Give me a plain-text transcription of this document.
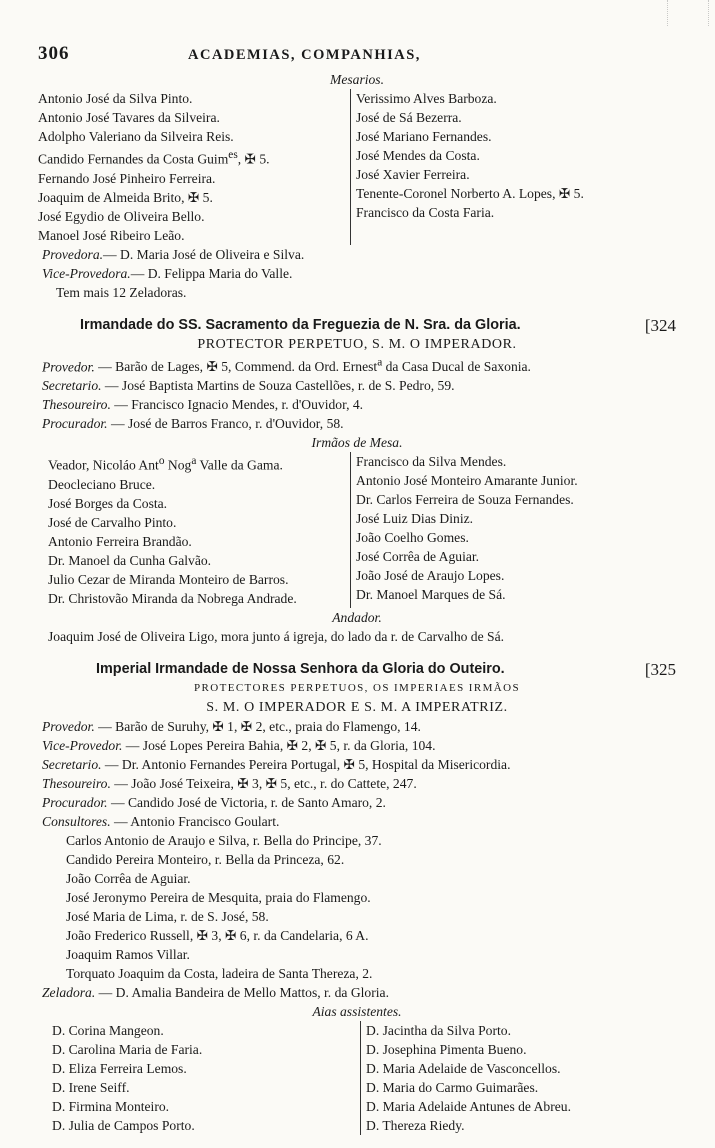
306	ACADEMIAS, COMPANHIAS,
Mesarios.
Antonio José da Silva Pinto.
Antonio José Tavares da Silveira.
Adolpho Valeriano da Silveira Reis.
Candido Fernandes da Costa Guim$^{es}$, ✠ 5.
Fernando José Pinheiro Ferreira.
Joaquim de Almeida Brito, ✠ 5.
José Egydio de Oliveira Bello.
Manoel José Ribeiro Leão.
Verissimo Alves Barboza.
José de Sá Bezerra.
José Mariano Fernandes.
José Mendes da Costa.
José Xavier Ferreira.
Tenente-Coronel Norberto A. Lopes, ✠ 5.
Francisco da Costa Faria.

Provedora.— D. Maria José de Oliveira e Silva.
Vice-Provedora.— D. Felippa Maria do Valle.
Tem mais 12 Zeladoras.
Irmandade do SS. Sacramento da Freguezia de N. Sra. da Gloria.	[324
PROTECTOR PERPETUO, S. M. O IMPERADOR.
Provedor. — Barão de Lages, ✠ 5, Commend. da Ord. Ernest$^a$ da Casa Ducal de Saxonia.
Secretario. — José Baptista Martins de Souza Castellões, r. de S. Pedro, 59.
Thesoureiro. — Francisco Ignacio Mendes, r. d'Ouvidor, 4.
Procurador. — José de Barros Franco, r. d'Ouvidor, 58.
Irmãos de Mesa.
Veador, Nicoláo Ant$^o$ Nog$^a$ Valle da Gama.
Deocleciano Bruce.
José Borges da Costa.
José de Carvalho Pinto.
Antonio Ferreira Brandão.
Dr. Manoel da Cunha Galvão.
Julio Cezar de Miranda Monteiro de Barros.
Dr. Christovão Miranda da Nobrega Andrade.
Francisco da Silva Mendes.
Antonio José Monteiro Amarante Junior.
Dr. Carlos Ferreira de Souza Fernandes.
José Luiz Dias Diniz.
João Coelho Gomes.
José Corrêa de Aguiar.
João José de Araujo Lopes.
Dr. Manoel Marques de Sá.
Andador.
Joaquim José de Oliveira Ligo, mora junto á igreja, do lado da r. de Carvalho de Sá.
Imperial Irmandade de Nossa Senhora da Gloria do Outeiro.	[325
PROTECTORES PERPETUOS, OS IMPERIAES IRMÃOS
S. M. O IMPERADOR E S. M. A IMPERATRIZ.
Provedor. — Barão de Suruhy, ✠ 1, ✠ 2, etc., praia do Flamengo, 14.
Vice-Provedor. — José Lopes Pereira Bahia, ✠ 2, ✠ 5, r. da Gloria, 104.
Secretario. — Dr. Antonio Fernandes Pereira Portugal, ✠ 5, Hospital da Misericordia.
Thesoureiro. — João José Teixeira, ✠ 3, ✠ 5, etc., r. do Cattete, 247.
Procurador. — Candido José de Victoria, r. de Santo Amaro, 2.
Consultores. — Antonio Francisco Goulart.
Carlos Antonio de Araujo e Silva, r. Bella do Principe, 37.
Candido Pereira Monteiro, r. Bella da Princeza, 62.
João Corrêa de Aguiar.
José Jeronymo Pereira de Mesquita, praia do Flamengo.
José Maria de Lima, r. de S. José, 58.
João Frederico Russell, ✠ 3, ✠ 6, r. da Candelaria, 6 A.
Joaquim Ramos Villar.
Torquato Joaquim da Costa, ladeira de Santa Thereza, 2.
Zeladora. — D. Amalia Bandeira de Mello Mattos, r. da Gloria.
Aias assistentes.
D. Corina Mangeon.
D. Carolina Maria de Faria.
D. Eliza Ferreira Lemos.
D. Irene Seiff.
D. Firmina Monteiro.
D. Julia de Campos Porto.
D. Jacintha da Silva Porto.
D. Josephina Pimenta Bueno.
D. Maria Adelaide de Vasconcellos.
D. Maria do Carmo Guimarães.
D. Maria Adelaide Antunes de Abreu.
D. Thereza Riedy.
